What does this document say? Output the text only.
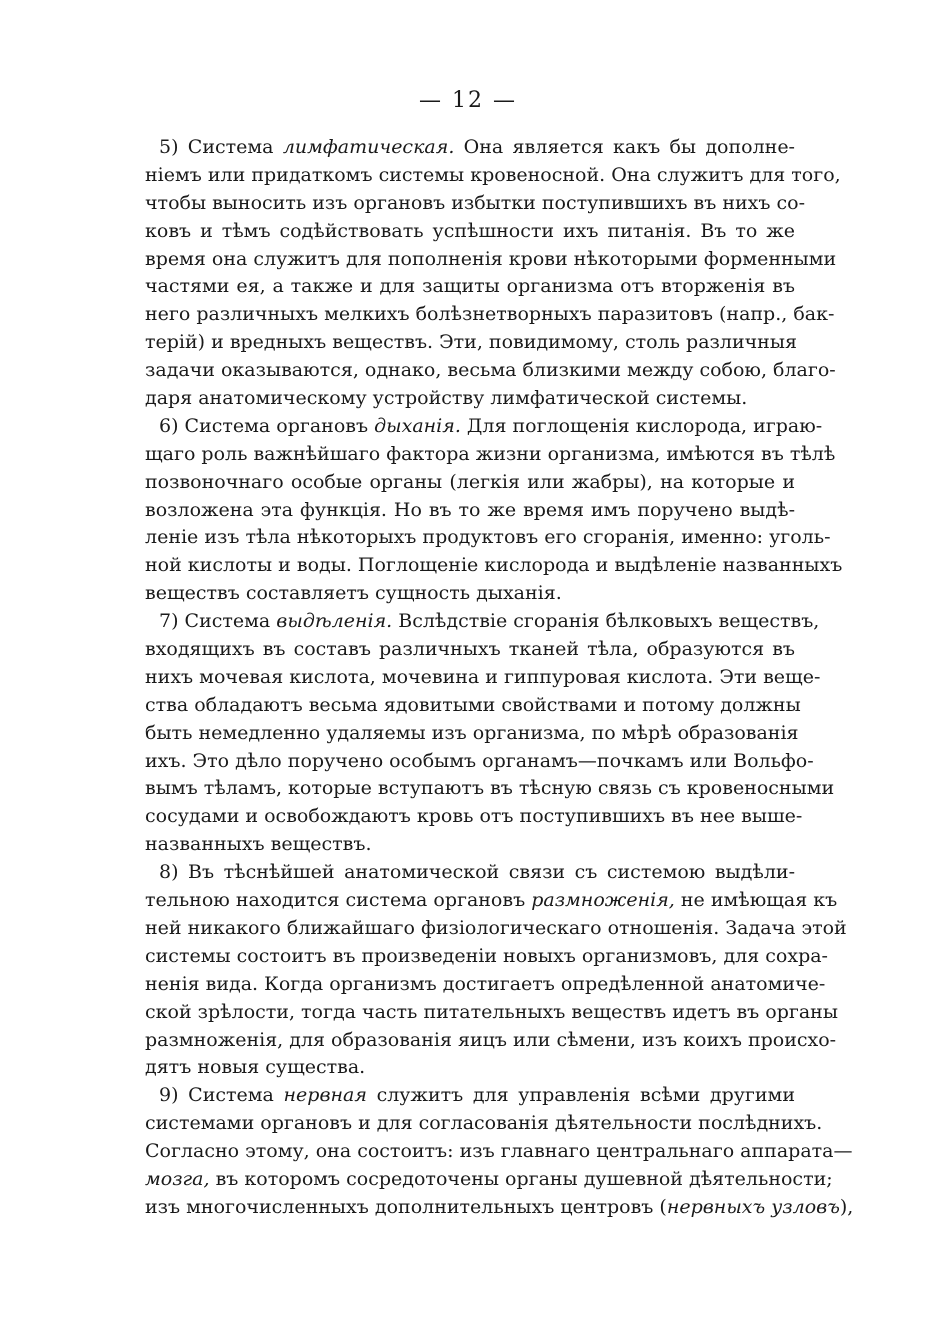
— 12 —
5) Система лимфатическая. Она является какъ бы дополне-
ніемъ или придаткомъ системы кровеносной. Она служитъ для того,
чтобы выносить изъ органовъ избытки поступившихъ въ нихъ со-
ковъ и тѣмъ содѣйствовать успѣшности ихъ питанія. Въ то же
время она служитъ для пополненія крови нѣкоторыми форменными
частями ея, а также и для защиты организма отъ вторженія въ
него различныхъ мелкихъ болѣзнетворныхъ паразитовъ (напр., бак-
терій) и вредныхъ веществъ. Эти, повидимому, столь различныя
задачи оказываются, однако, весьма близкими между собою, благо-
даря анатомическому устройству лимфатической системы.
6) Система органовъ дыханія. Для поглощенія кислорода, играю-
щаго роль важнѣйшаго фактора жизни организма, имѣются въ тѣлѣ
позвоночнаго особые органы (легкія или жабры), на которые и
возложена эта функція. Но въ то же время имъ поручено выдѣ-
леніе изъ тѣла нѣкоторыхъ продуктовъ его сгоранія, именно: уголь-
ной кислоты и воды. Поглощеніе кислорода и выдѣленіе названныхъ
веществъ составляетъ сущность дыханія.
7) Система выдѣленія. Вслѣдствіе сгоранія бѣлковыхъ веществъ,
входящихъ въ составъ различныхъ тканей тѣла, образуются въ
нихъ мочевая кислота, мочевина и гиппуровая кислота. Эти веще-
ства обладаютъ весьма ядовитыми свойствами и потому должны
быть немедленно удаляемы изъ организма, по мѣрѣ образованія
ихъ. Это дѣло поручено особымъ органамъ—почкамъ или Вольфо-
вымъ тѣламъ, которые вступаютъ въ тѣсную связь съ кровеносными
сосудами и освобождаютъ кровь отъ поступившихъ въ нее выше-
названныхъ веществъ.
8) Въ тѣснѣйшей анатомической связи съ системою выдѣли-
тельною находится система органовъ размноженія, не имѣющая къ
ней никакого ближайшаго физіологическаго отношенія. Задача этой
системы состоитъ въ произведеніи новыхъ организмовъ, для сохра-
ненія вида. Когда организмъ достигаетъ опредѣленной анатомиче-
ской зрѣлости, тогда часть питательныхъ веществъ идетъ въ органы
размноженія, для образованія яицъ или сѣмени, изъ коихъ происхо-
дятъ новыя существа.
9) Система нервная служитъ для управленія всѣми другими
системами органовъ и для согласованія дѣятельности послѣднихъ.
Согласно этому, она состоитъ: изъ главнаго центральнаго аппарата—
мозга, въ которомъ сосредоточены органы душевной дѣятельности;
изъ многочисленныхъ дополнительныхъ центровъ (нервныхъ узловъ),
